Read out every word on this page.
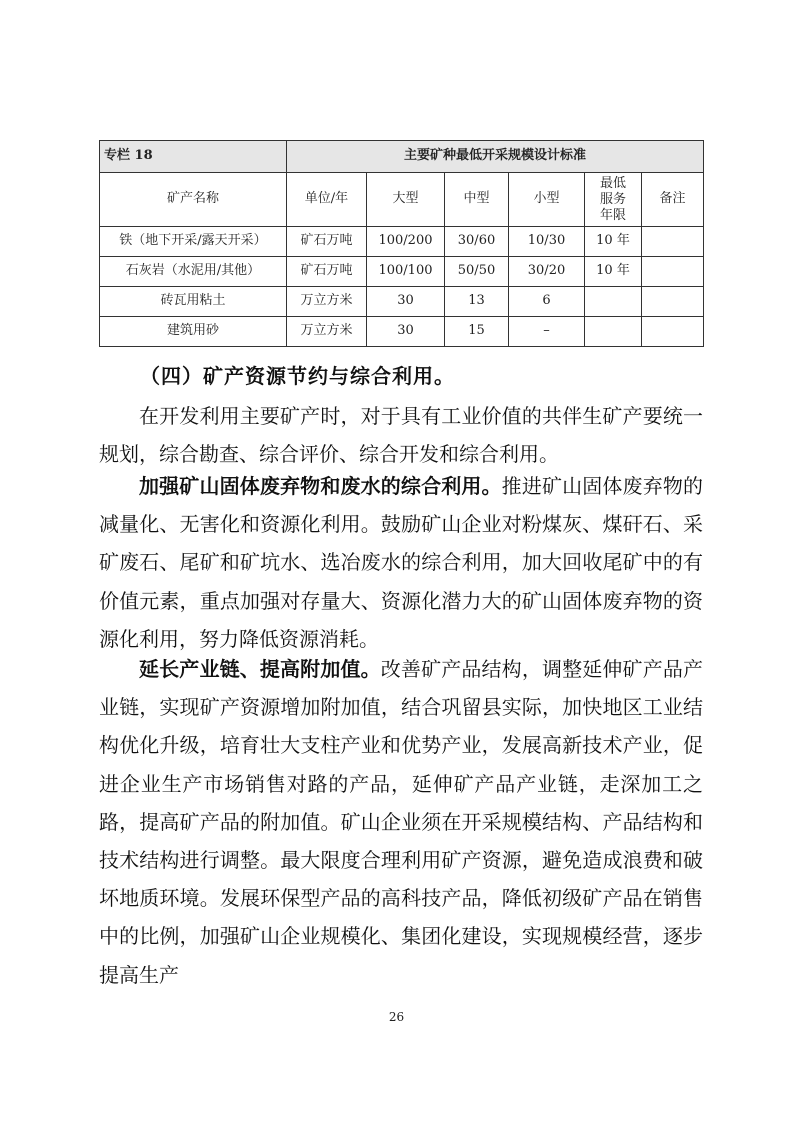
专栏 18	主要矿种最低开采规模设计标准					
矿产名称	单位/年	大型	中型	小型	最低服务年限	备注
铁（地下开采/露天开采）	矿石万吨	100/200	30/60	10/30	10 年	
石灰岩（水泥用/其他）	矿石万吨	100/100	50/50	30/20	10 年	
砖瓦用粘土	万立方米	30	13	6		
建筑用砂	万立方米	30	15	–		
（四）矿产资源节约与综合利用。

在开发利用主要矿产时，对于具有工业价值的共伴生矿产要统一规划，综合勘查、综合评价、综合开发和综合利用。

加强矿山固体废弃物和废水的综合利用。推进矿山固体废弃物的减量化、无害化和资源化利用。鼓励矿山企业对粉煤灰、煤矸石、采矿废石、尾矿和矿坑水、选冶废水的综合利用，加大回收尾矿中的有价值元素，重点加强对存量大、资源化潜力大的矿山固体废弃物的资源化利用，努力降低资源消耗。

延长产业链、提高附加值。改善矿产品结构，调整延伸矿产品产业链，实现矿产资源增加附加值，结合巩留县实际，加快地区工业结构优化升级，培育壮大支柱产业和优势产业，发展高新技术产业，促进企业生产市场销售对路的产品，延伸矿产品产业链，走深加工之路，提高矿产品的附加值。矿山企业须在开采规模结构、产品结构和技术结构进行调整。最大限度合理利用矿产资源，避免造成浪费和破坏地质环境。发展环保型产品的高科技产品，降低初级矿产品在销售中的比例，加强矿山企业规模化、集团化建设，实现规模经营，逐步提高生产

26
